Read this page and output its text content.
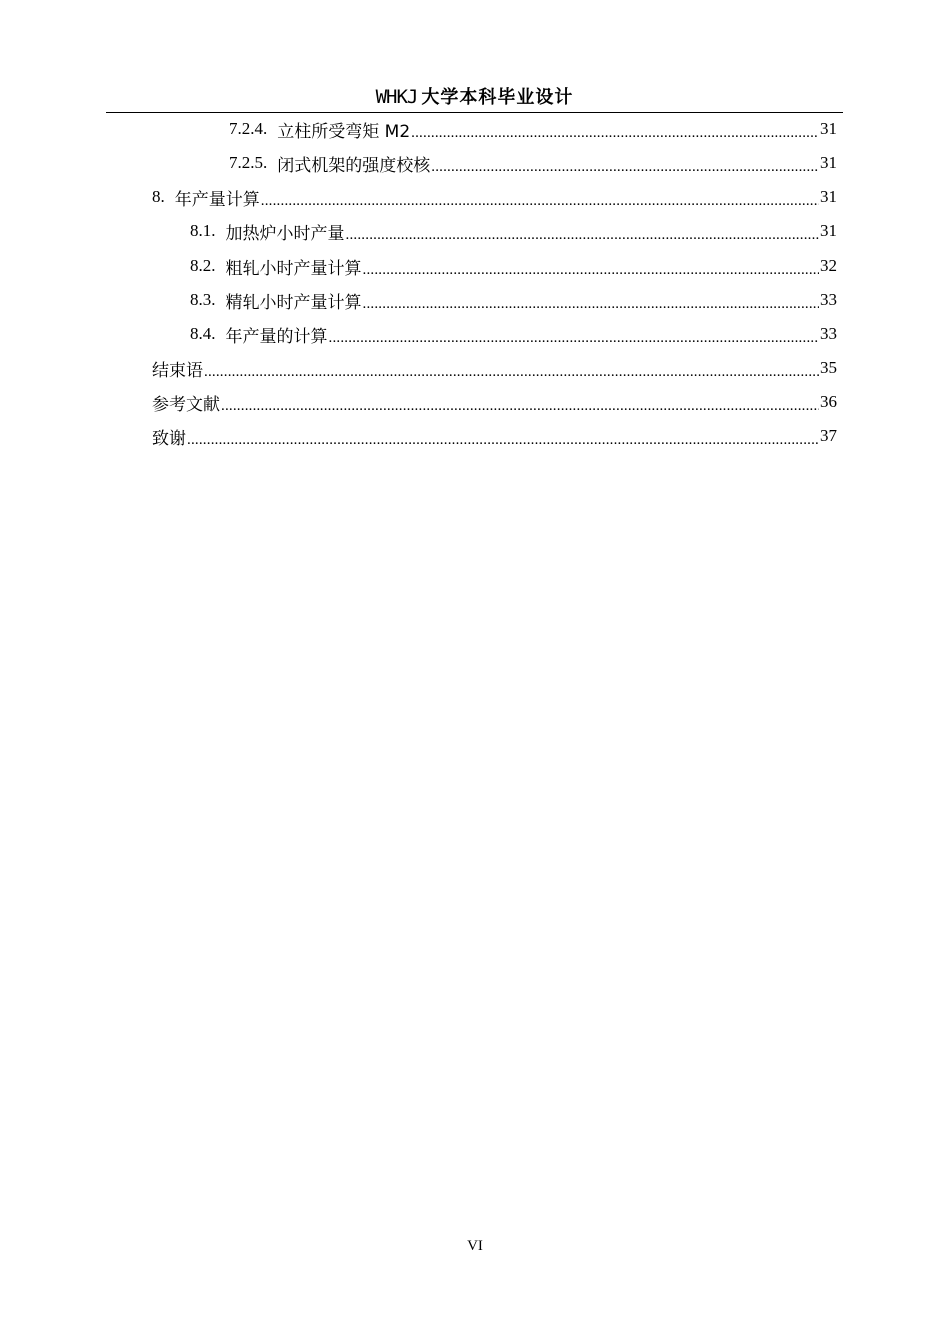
WHKJ 大学本科毕业设计
7.2.4. 立柱所受弯矩 M2 .....	31
7.2.5. 闭式机架的强度校核 .....	31
8. 年产量计算 .....	31
8.1. 加热炉小时产量 .....	31
8.2. 粗轧小时产量计算 .....	32
8.3. 精轧小时产量计算 .....	33
8.4. 年产量的计算 .....	33
结束语 .....	35
参考文献 .....	36
致谢 .....	37
VI
